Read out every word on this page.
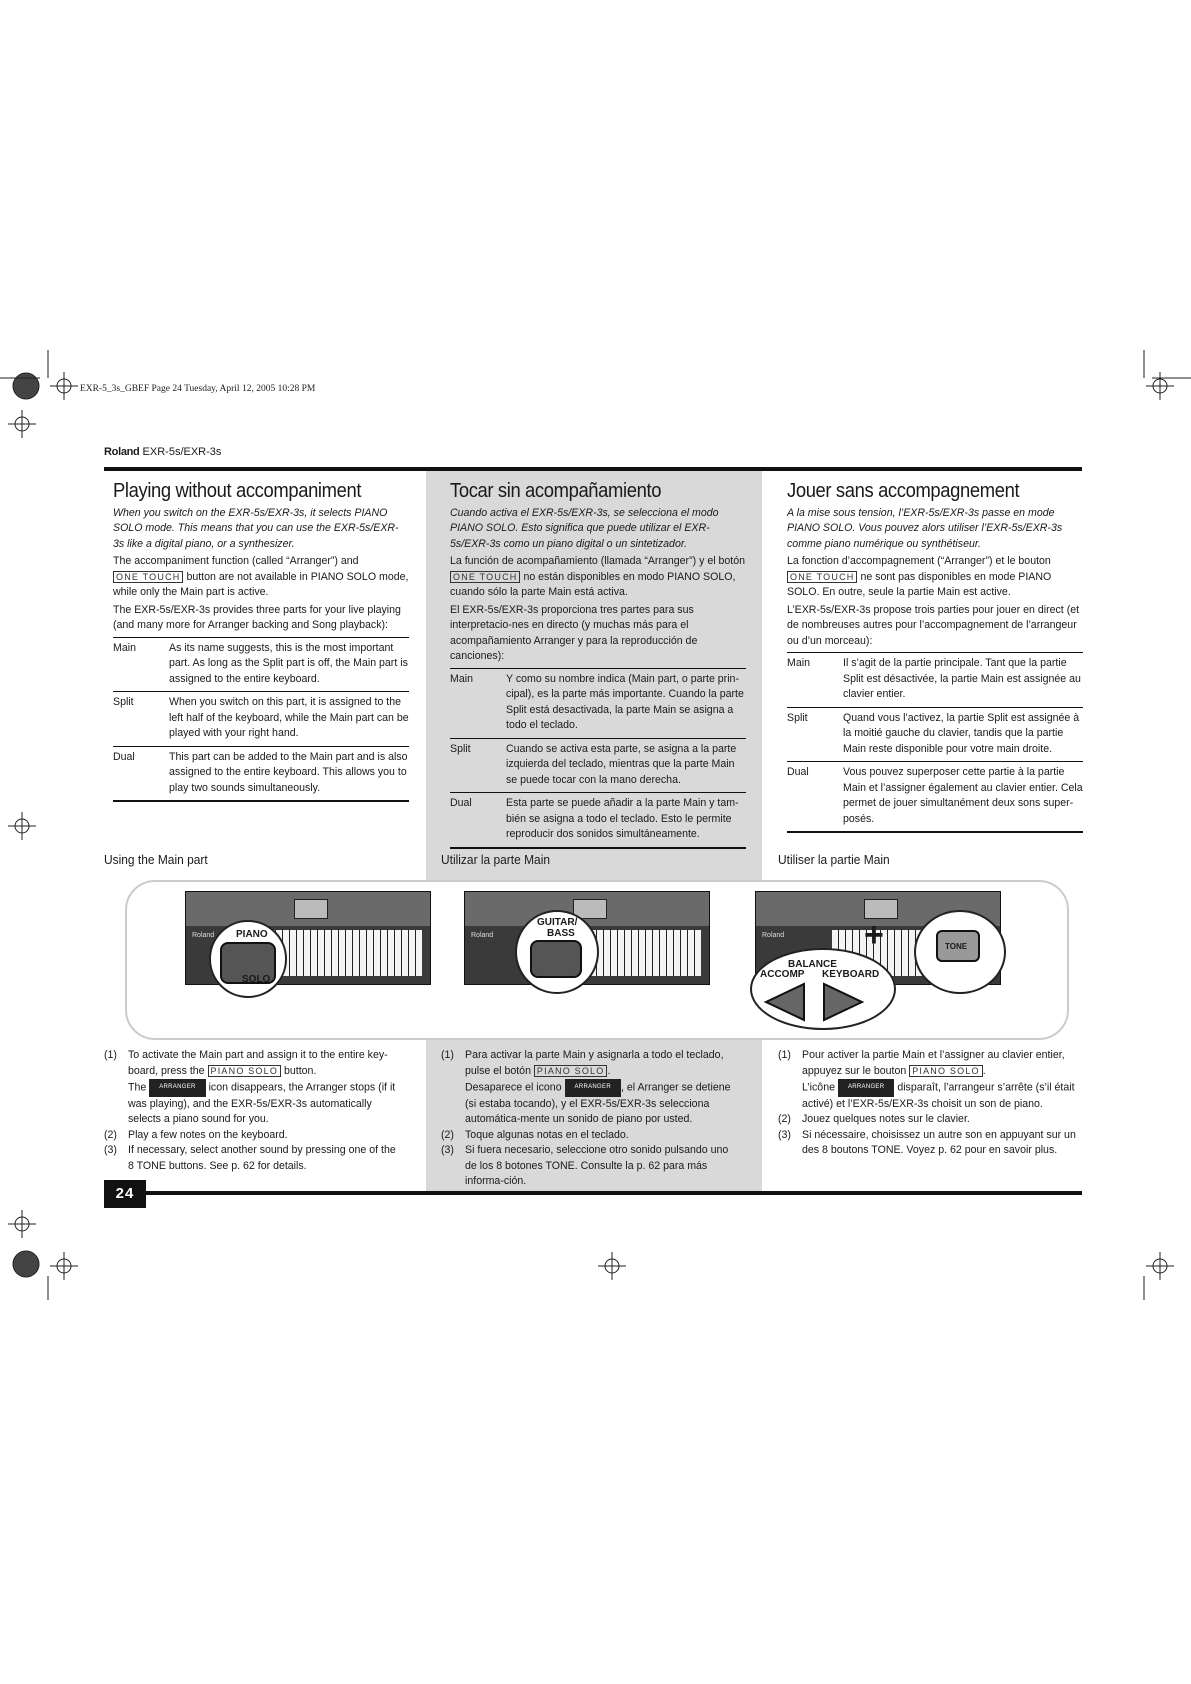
EXR-5_3s_GBEF Page 24 Tuesday, April 12, 2005 10:28 PM
Roland EXR-5s/EXR-3s
Playing without accompaniment

When you switch on the EXR-5s/EXR-3s, it selects PIANO SOLO mode. This means that you can use the EXR-5s/EXR-3s like a digital piano, or a synthesizer.

The accompaniment function (called “Arranger”) and
ONE TOUCH button are not available in PIANO SOLO mode, while only the Main part is active.

The EXR-5s/EXR-3s provides three parts for your live playing (and many more for Arranger backing and Song playback):

Main	As its name suggests, this is the most important part. As long as the Split part is off, the Main part is assigned to the entire keyboard.
Split	When you switch on this part, it is assigned to the left half of the keyboard, while the Main part can be played with your right hand.
Dual	This part can be added to the Main part and is also assigned to the entire keyboard. This allows you to play two sounds simultaneously.
Tocar sin acompañamiento

Cuando activa el EXR-5s/EXR-3s, se selecciona el modo PIANO SOLO. Esto significa que puede utilizar el EXR-5s/EXR-3s como un piano digital o un sintetizador.

La función de acompañamiento (llamada “Arranger”) y el botón
ONE TOUCH no están disponibles en modo PIANO SOLO, cuando sólo la parte Main está activa.

El EXR-5s/EXR-3s proporciona tres partes para sus interpretacio-nes en directo (y muchas más para el acompañamiento Arranger y para la reproducción de canciones):

Main	Y como su nombre indica (Main part, o parte prin-cipal), es la parte más importante. Cuando la parte Split está desactivada, la parte Main se asigna a todo el teclado.
Split	Cuando se activa esta parte, se asigna a la parte izquierda del teclado, mientras que la parte Main se puede tocar con la mano derecha.
Dual	Esta parte se puede añadir a la parte Main y tam-bién se asigna a todo el teclado. Esto le permite reproducir dos sonidos simultáneamente.
Jouer sans accompagnement

A la mise sous tension, l’EXR-5s/EXR-3s passe en mode PIANO SOLO. Vous pouvez alors utiliser l’EXR-5s/EXR-3s comme piano numérique ou synthétiseur.

La fonction d’accompagnement (“Arranger”) et le bouton
ONE TOUCH ne sont pas disponibles en mode PIANO SOLO. En outre, seule la partie Main est active.

L’EXR-5s/EXR-3s propose trois parties pour jouer en direct (et de nombreuses autres pour l’accompagnement de l’arrangeur ou d’un morceau):

Main	Il s’agit de la partie principale. Tant que la partie Split est désactivée, la partie Main est assignée au clavier entier.
Split	Quand vous l’activez, la partie Split est assignée à la moitié gauche du clavier, tandis que la partie Main reste disponible pour votre main droite.
Dual	Vous pouvez superposer cette partie à la partie Main et l’assigner également au clavier entier. Cela permet de jouer simultanément deux sons super-posés.
Using the Main part	Utilizar la parte Main	Utiliser la partie Main
Roland PIANO
SOLO
Roland
GUITAR/
BASS	Roland +	TONE
BALANCE
ACCOMP KEYBOARD
(1)	To activate the Main part and assign it to the entire key-board, press the PIANO SOLO button.
The ARRANGER icon disappears, the Arranger stops (if it was playing), and the EXR-5s/EXR-3s automatically selects a piano sound for you.
(2)	Play a few notes on the keyboard.
(3)	If necessary, select another sound by pressing one of the 8 TONE buttons. See p. 62 for details.
(1)	Para activar la parte Main y asignarla a todo el teclado, pulse el botón PIANO SOLO .
Desaparece el icono ARRANGER , el Arranger se detiene (si estaba tocando), y el EXR-5s/EXR-3s selecciona automática-mente un sonido de piano por usted.
(2)	Toque algunas notas en el teclado.
(3)	Si fuera necesario, seleccione otro sonido pulsando uno de los 8 botones TONE. Consulte la p. 62 para más informa-ción.
(1)	Pour activer la partie Main et l’assigner au clavier entier, appuyez sur le bouton PIANO SOLO .
L’icône ARRANGER disparaît, l’arrangeur s’arrête (s’il était activé) et l’EXR-5s/EXR-3s choisit un son de piano.
(2)	Jouez quelques notes sur le clavier.
(3)	Si nécessaire, choisissez un autre son en appuyant sur un des 8 boutons TONE. Voyez p. 62 pour en savoir plus.
24
